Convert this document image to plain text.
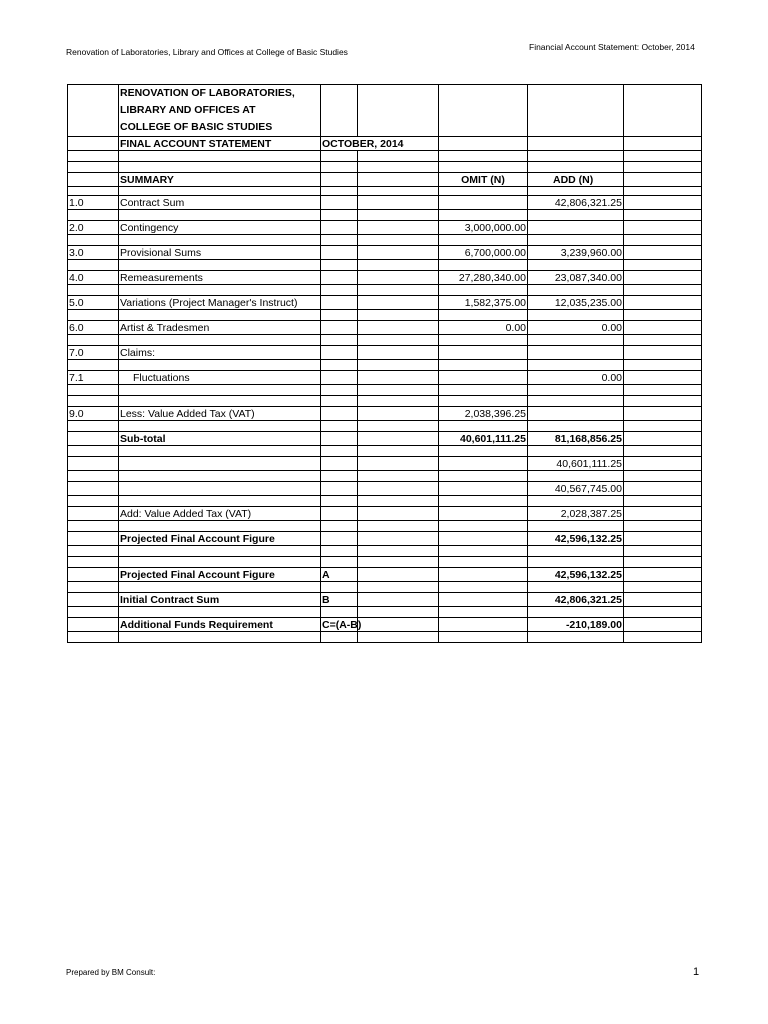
Renovation of Laboratories, Library and Offices at College of Basic Studies	Financial Account Statement: October, 2014

	RENOVATION OF LABORATORIES,
LIBRARY AND OFFICES AT
COLLEGE OF BASIC STUDIES					

	FINAL ACCOUNT STATEMENT	OCTOBER, 2014				

	SUMMARY			OMIT (N)	ADD (N)	

1.0	Contract Sum				42,806,321.25	

2.0	Contingency			3,000,000.00		

3.0	Provisional Sums			6,700,000.00	3,239,960.00	

4.0	Remeasurements			27,280,340.00	23,087,340.00	

5.0	Variations (Project Manager's Instruct)			1,582,375.00	12,035,235.00	

6.0	Artist & Tradesmen			0.00	0.00	

7.0	Claims:					

7.1	Fluctuations				0.00	

9.0	Less: Value Added Tax (VAT)			2,038,396.25		

	Sub-total			40,601,111.25	81,168,856.25	

					40,601,111.25	

					40,567,745.00	

	Add: Value Added Tax (VAT)				2,028,387.25	

	Projected Final Account Figure				42,596,132.25	

	Projected Final Account Figure	A			42,596,132.25	

	Initial Contract Sum	B			42,806,321.25	

	Additional Funds Requirement	C=(A-B)			-210,189.00	

Prepared by BM Consult:	1
